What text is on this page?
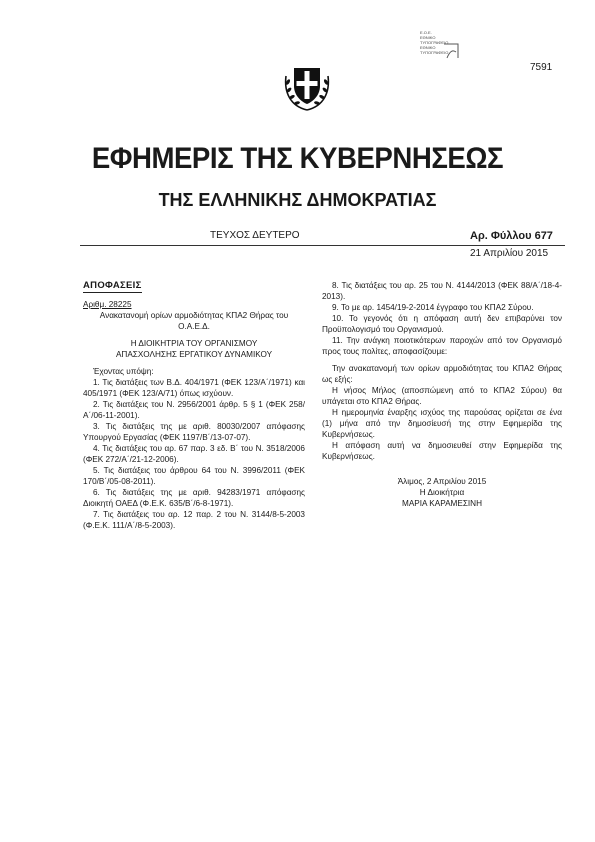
Ε.Ο.Ε.
ΕΘΝΙΚΟ
ΤΥΠΟΓΡΑΦΕΙΟ
ΕΘΝΙΚΟ
ΤΥΠΟΓΡΑΦΕΙΟ
7591
ΕΦΗΜΕΡΙΣ ΤΗΣ ΚΥΒΕΡΝΗΣΕΩΣ
ΤΗΣ ΕΛΛΗΝΙΚΗΣ ΔΗΜΟΚΡΑΤΙΑΣ
ΤΕΥΧΟΣ ΔΕΥΤΕΡΟ	Αρ. Φύλλου 677
21 Απριλίου 2015

ΑΠΟΦΑΣΕΙΣ

Αριθμ. 28225

Ανακατανομή ορίων αρμοδιότητας ΚΠΑ2 Θήρας του Ο.Α.Ε.Δ.

Η ΔΙΟΙΚΗΤΡΙΑ ΤΟΥ ΟΡΓΑΝΙΣΜΟΥ

ΑΠΑΣΧΟΛΗΣΗΣ ΕΡΓΑΤΙΚΟΥ ΔΥΝΑΜΙΚΟΥ

Έχοντας υπόψη:

1. Τις διατάξεις των Β.Δ. 404/1971 (ΦΕΚ 123/Α΄/1971) και 405/1971 (ΦΕΚ 123/Α/71) όπως ισχύουν.

2. Τις διατάξεις του Ν. 2956/2001 άρθρ. 5 § 1 (ΦΕΚ 258/Α΄/06-11-2001).

3. Τις διατάξεις της με αριθ. 80030/2007 απόφασης Υπουργού Εργασίας (ΦΕΚ 1197/Β΄/13-07-07).

4. Τις διατάξεις του αρ. 67 παρ. 3 εδ. Β΄ του Ν. 3518/2006 (ΦΕΚ 272/Α΄/21-12-2006).

5. Τις διατάξεις του άρθρου 64 του Ν. 3996/2011 (ΦΕΚ 170/Β΄/05-08-2011).

6. Τις διατάξεις της με αριθ. 94283/1971 απόφασης Διοικητή ΟΑΕΔ (Φ.Ε.Κ. 635/Β΄/6-8-1971).

7. Τις διατάξεις του αρ. 12 παρ. 2 του Ν. 3144/8-5-2003 (Φ.Ε.Κ. 111/Α΄/8-5-2003).

8. Τις διατάξεις του αρ. 25 του Ν. 4144/2013 (ΦΕΚ 88/Α΄/18-4-2013).

9. Το με αρ. 1454/19-2-2014 έγγραφο του ΚΠΑ2 Σύρου.

10. Το γεγονός ότι η απόφαση αυτή δεν επιβαρύνει τον Προϋπολογισμό του Οργανισμού.

11. Την ανάγκη ποιοτικότερων παροχών από τον Οργανισμό προς τους πολίτες, αποφασίζουμε:

Την ανακατανομή των ορίων αρμοδιότητας του ΚΠΑ2 Θήρας ως εξής:

Η νήσος Μήλος (αποσπώμενη από το ΚΠΑ2 Σύρου) θα υπάγεται στο ΚΠΑ2 Θήρας.

Η ημερομηνία έναρξης ισχύος της παρούσας ορίζεται σε ένα (1) μήνα από την δημοσίευσή της στην Εφημερίδα της Κυβερνήσεως.

Η απόφαση αυτή να δημοσιευθεί στην Εφημερίδα της Κυβερνήσεως.

Άλιμος, 2 Απριλίου 2015

Η Διοικήτρια

ΜΑΡΙΑ ΚΑΡΑΜΕΣΙΝΗ
